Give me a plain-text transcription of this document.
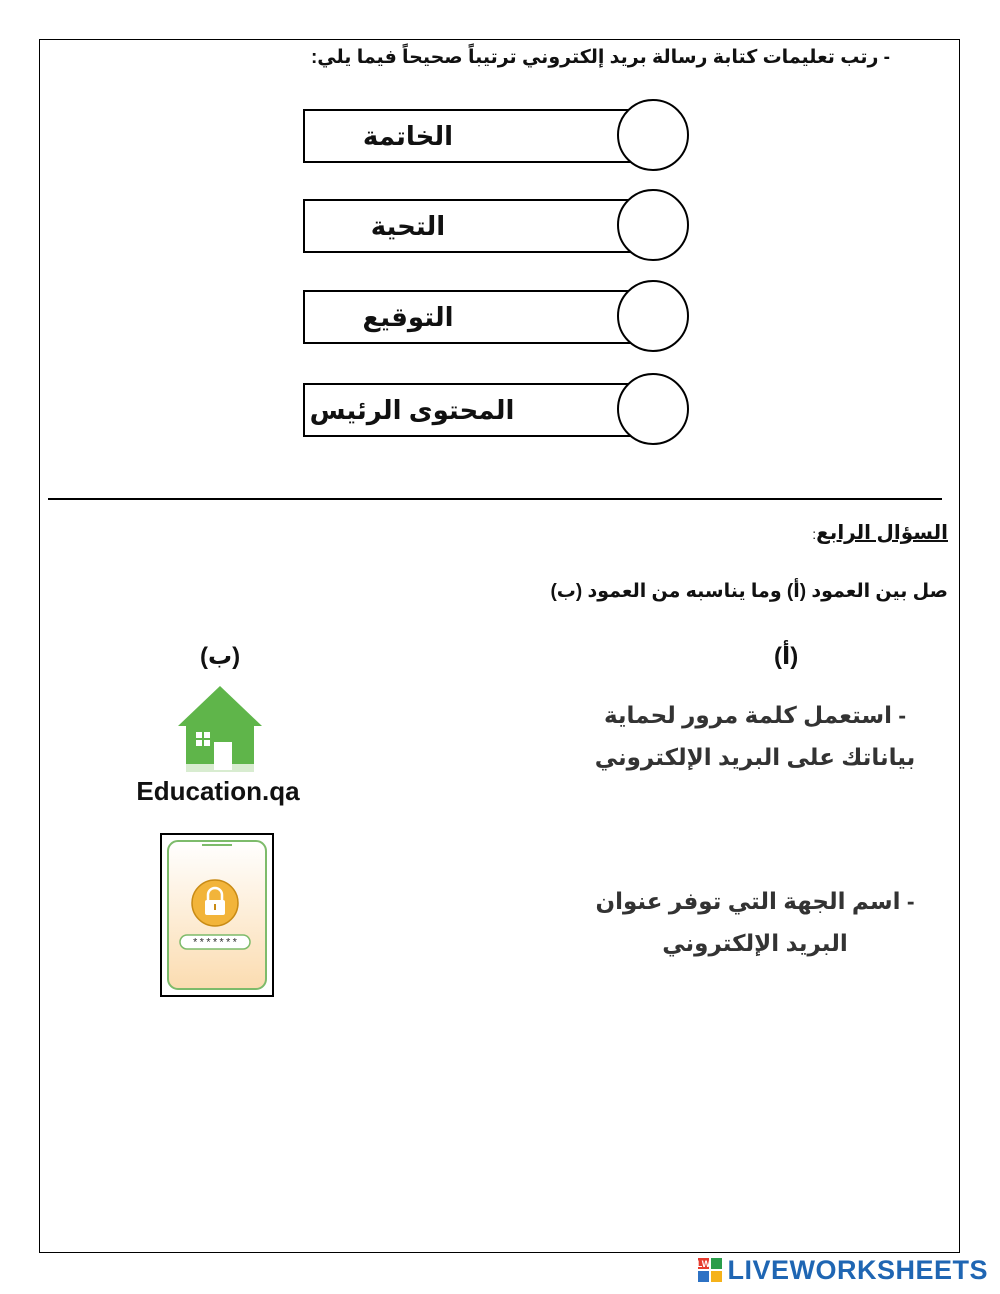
- رتب تعليمات كتابة رسالة بريد إلكتروني ترتيباً صحيحاً فيما يلي:
الخاتمة
التحية
التوقيع
المحتوى الرئيس
السؤال الرابع:
صل بين العمود (أ) وما يناسبه من العمود (ب)
(أ)
(ب)
- استعمل كلمة مرور لحماية
بياناتك على البريد الإلكتروني
- اسم الجهة التي توفر عنوان
البريد الإلكتروني
Education.qa
*******
LW LIVEWORKSHEETS
